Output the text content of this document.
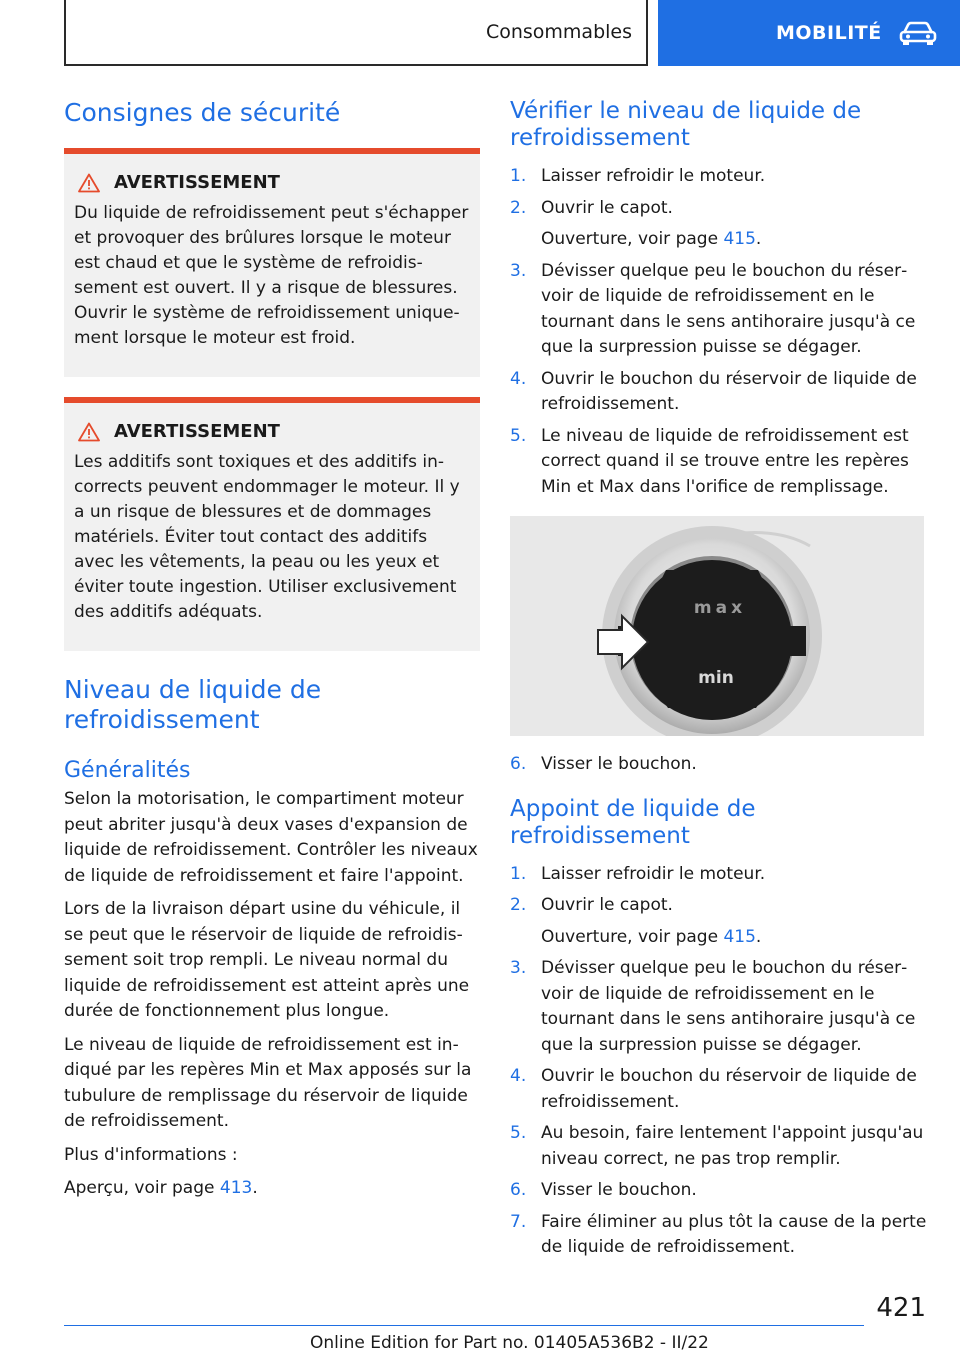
Consommables	MOBILITÉ
Consignes de sécurité
AVERTISSEMENT
Du liquide de refroidissement peut s'échapper et provoquer des brûlures lorsque le moteur est chaud et que le système de refroidissement est ouvert. Il y a risque de blessures. Ouvrir le système de refroidissement uniquement lorsque le moteur est froid.
AVERTISSEMENT
Les additifs sont toxiques et des additifs incorrects peuvent endommager le moteur. Il y a un risque de blessures et de dommages matériels. Éviter tout contact des additifs avec les vêtements, la peau ou les yeux et éviter toute ingestion. Utiliser exclusivement des additifs adéquats.
Niveau de liquide de refroidissement
Généralités

Selon la motorisation, le compartiment moteur peut abriter jusqu'à deux vases d'expansion de liquide de refroidissement. Contrôler les niveaux de liquide de refroidissement et faire l'appoint.

Lors de la livraison départ usine du véhicule, il se peut que le réservoir de liquide de refroidissement soit trop rempli. Le niveau normal du liquide de refroidissement est atteint après une durée de fonctionnement plus longue.

Le niveau de liquide de refroidissement est indiqué par les repères Min et Max apposés sur la tubulure de remplissage du réservoir de liquide de refroidissement.

Plus d'informations :

Aperçu, voir page 413.

Vérifier le niveau de liquide de refroidissement
1. Laisser refroidir le moteur.
2. Ouvrir le capot.
Ouverture, voir page 415.
3. Dévisser quelque peu le bouchon du réservoir de liquide de refroidissement en le tournant dans le sens antihoraire jusqu'à ce que la surpression puisse se dégager.
4. Ouvrir le bouchon du réservoir de liquide de refroidissement.
5. Le niveau de liquide de refroidissement est correct quand il se trouve entre les repères Min et Max dans l'orifice de remplissage.
max
min
6. Visser le bouchon.
Appoint de liquide de refroidissement
1. Laisser refroidir le moteur.
2. Ouvrir le capot.
Ouverture, voir page 415.
3. Dévisser quelque peu le bouchon du réservoir de liquide de refroidissement en le tournant dans le sens antihoraire jusqu'à ce que la surpression puisse se dégager.
4. Ouvrir le bouchon du réservoir de liquide de refroidissement.
5. Au besoin, faire lentement l'appoint jusqu'au niveau correct, ne pas trop remplir.
6. Visser le bouchon.
7. Faire éliminer au plus tôt la cause de la perte de liquide de refroidissement.
421
Online Edition for Part no. 01405A536B2 - II/22
